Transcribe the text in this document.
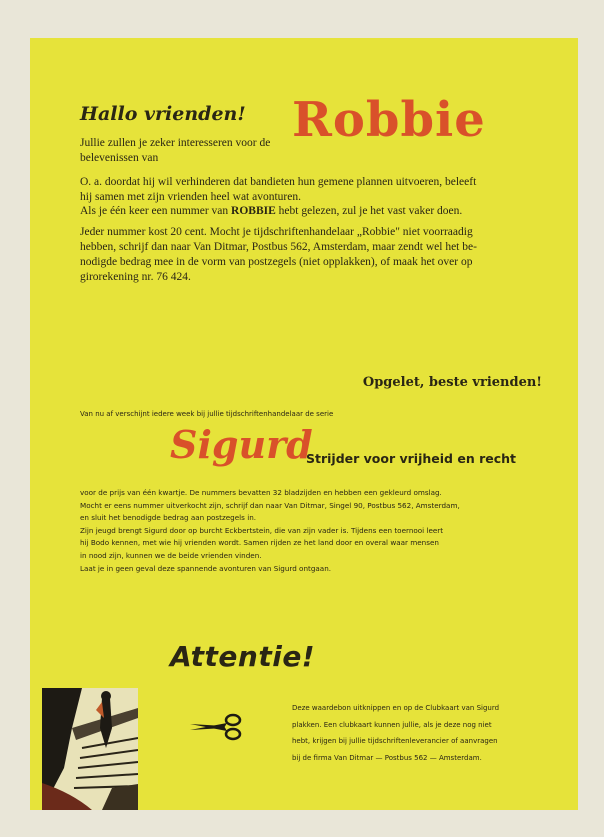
Hallo vrienden! Robbie
Jullie zullen je zeker interesseren voor de belevenissen van
O. a. doordat hij wil verhinderen dat bandieten hun gemene plannen uitvoeren, beleeft
hij samen met zijn vrienden heel wat avonturen.
Als je één keer een nummer van ROBBIE hebt gelezen, zul je het vast vaker doen.
Jeder nummer kost 20 cent. Mocht je tijdschriftenhandelaar „Robbie" niet voorraadig
hebben, schrijf dan naar Van Ditmar, Postbus 562, Amsterdam, maar zendt wel het be-
nodigde bedrag mee in de vorm van postzegels (niet opplakken), of maak het over op
girorekening nr. 76 424.
Opgelet, beste vrienden!
Van nu af verschijnt iedere week bij jullie tijdschriftenhandelaar de serie
Sigurd
Strijder voor vrijheid en recht
voor de prijs van één kwartje. De nummers bevatten 32 bladzijden en hebben een gekleurd omslag.
Mocht er eens nummer uitverkocht zijn, schrijf dan naar Van Ditmar, Singel 90, Postbus 562, Amsterdam,
en sluit het benodigde bedrag aan postzegels in.
Zijn jeugd brengt Sigurd door op burcht Eckbertstein, die van zijn vader is. Tijdens een toernooi leert
hij Bodo kennen, met wie hij vrienden wordt. Samen rijden ze het land door en overal waar mensen
in nood zijn, kunnen we de beide vrienden vinden.
Laat je in geen geval deze spannende avonturen van Sigurd ontgaan.
Attentie!
Deze waardebon uitknippen en op de Clubkaart van Sigurd
plakken. Een clubkaart kunnen jullie, als je deze nog niet
hebt, krijgen bij jullie tijdschriftenleverancier of aanvragen
bij de firma Van Ditmar — Postbus 562 — Amsterdam.
